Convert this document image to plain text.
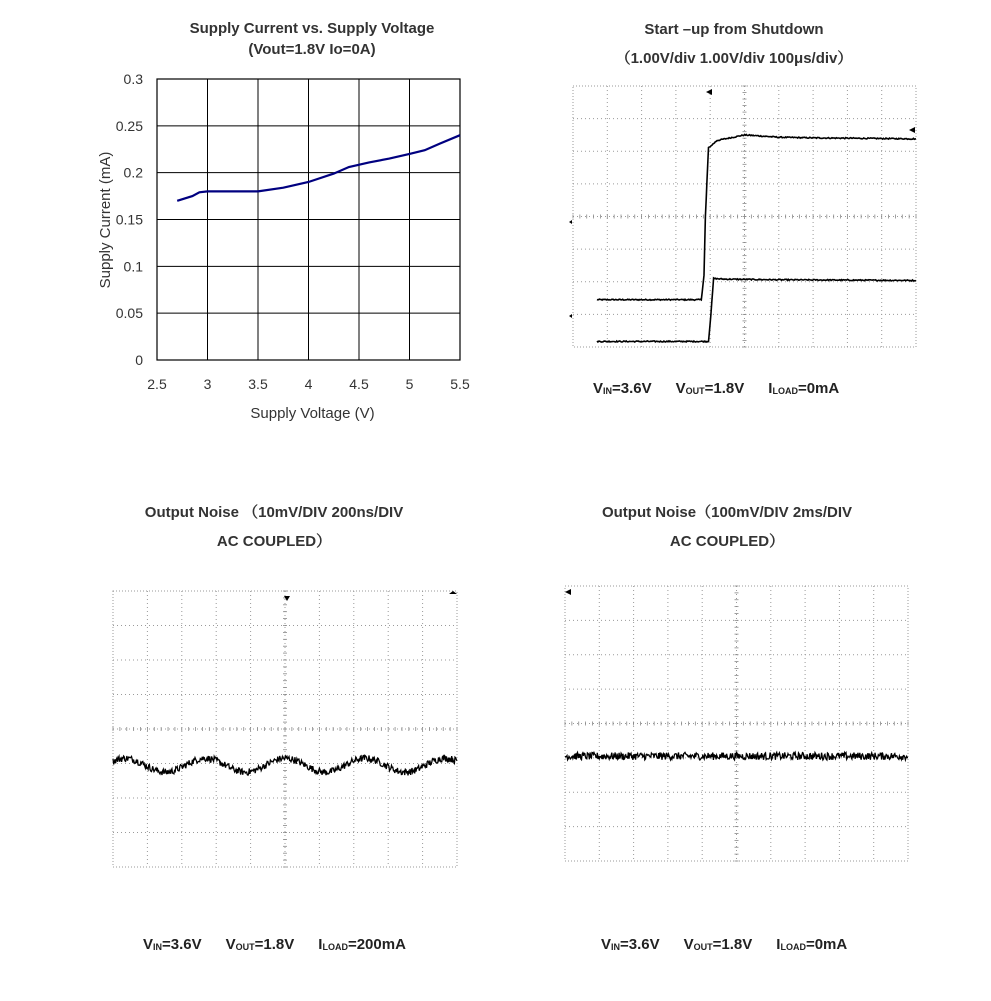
Supply Current vs. Supply Voltage
(Vout=1.8V Io=0A)
Start –up from Shutdown
（1.00V/div 1.00V/div 100μs/div）
Output Noise （10mV/DIV 200ns/DIV
AC COUPLED）
Output Noise（100mV/DIV 2ms/DIV
AC COUPLED）
VIN=3.6V VOUT=1.8V ILOAD=0mA
VIN=3.6V VOUT=1.8V ILOAD=200mA	VIN=3.6V VOUT=1.8V ILOAD=0mA
2.5	3	3.5	4	4.5	5	5.5
0
0.05
0.1
0.15
0.2
0.25
0.3
Supply Voltage (V)
Supply Current (mA)
